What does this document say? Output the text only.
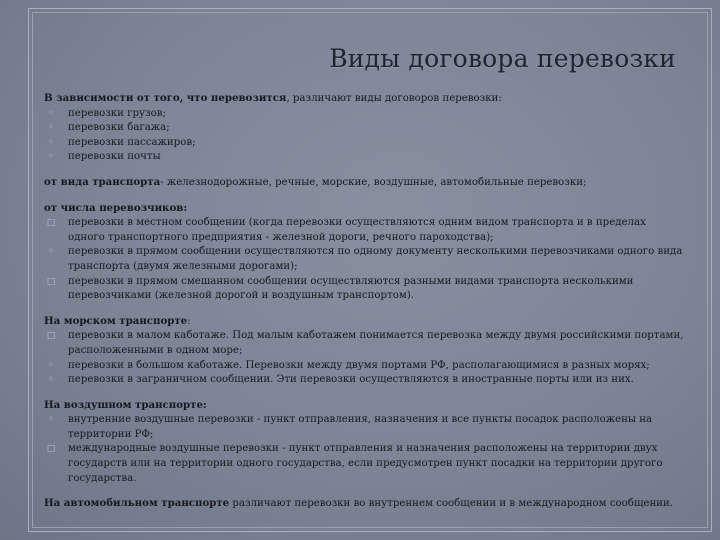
Виды договора перевозки
В зависимости от того, что перевозится, различают виды договоров перевозки:
◦	перевозки грузов;
◦	перевозки багажа;
◦	перевозки пассажиров;
◦	перевозки почты
от вида транспорта- железнодорожные, речные, морские, воздушные, автомобильные перевозки;
от числа перевозчиков:
□ перевозки в местном сообщении (когда перевозки осуществляются одним видом транспорта и в пределах одного транспортного предприятия - железной дороги, речного пароходства);
◦	перевозки в прямом сообщении осуществляются по одному документу несколькими перевозчиками одного вида транспорта (двумя железными дорогами);
□ перевозки в прямом смешанном сообщении осуществляются разными видами транспорта несколькими перевозчиками (железной дорогой и воздушным транспортом).
На морском транспорте:
□ перевозки в малом каботаже. Под малым каботажем понимается перевозка между двумя российскими портами, расположенными в одном море;
◦	перевозки в большом каботаже. Перевозки между двумя портами РФ, располагающимися в разных морях;
◦	перевозки в заграничном сообщении. Эти перевозки осуществляются в иностранные порты или из них.
На воздушном транспорте:
◦	внутренние воздушные перевозки - пункт отправления, назначения и все пункты посадок расположены на территории РФ;
□ международные воздушные перевозки - пункт отправления и назначения расположены на территории двух государств или на территории одного государства, если предусмотрен пункт посадки на территории другого государства.
На автомобильном транспорте различают перевозки во внутреннем сообщении и в международном сообщении.
